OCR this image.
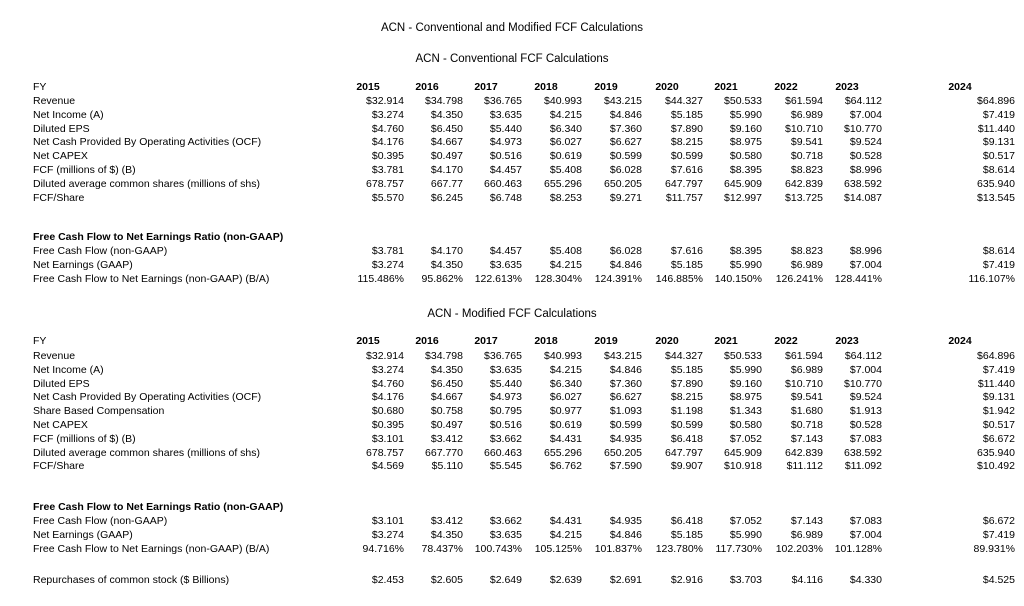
ACN - Conventional and Modified FCF Calculations
ACN - Conventional FCF Calculations
ACN - Modified FCF Calculations
FY	2015	2016	2017	2018	2019	2020	2021	2022	2023	2024
Revenue	$32.914	$34.798	$36.765	$40.993	$43.215	$44.327	$50.533	$61.594	$64.112	$64.896
Net Income (A)	$3.274	$4.350	$3.635	$4.215	$4.846	$5.185	$5.990	$6.989	$7.004	$7.419
Diluted EPS	$4.760	$6.450	$5.440	$6.340	$7.360	$7.890	$9.160	$10.710	$10.770	$11.440
Net Cash Provided By Operating Activities (OCF)	$4.176	$4.667	$4.973	$6.027	$6.627	$8.215	$8.975	$9.541	$9.524	$9.131
Net CAPEX	$0.395	$0.497	$0.516	$0.619	$0.599	$0.599	$0.580	$0.718	$0.528	$0.517
FCF (millions of $) (B)	$3.781	$4.170	$4.457	$5.408	$6.028	$7.616	$8.395	$8.823	$8.996	$8.614
Diluted average common shares (millions of shs)	678.757	667.77	660.463	655.296	650.205	647.797	645.909	642.839	638.592	635.940
FCF/Share	$5.570	$6.245	$6.748	$8.253	$9.271	$11.757	$12.997	$13.725	$14.087	$13.545
Free Cash Flow to Net Earnings Ratio (non-GAAP)
Free Cash Flow (non-GAAP)	$3.781	$4.170	$4.457	$5.408	$6.028	$7.616	$8.395	$8.823	$8.996	$8.614
Net Earnings (GAAP)	$3.274	$4.350	$3.635	$4.215	$4.846	$5.185	$5.990	$6.989	$7.004	$7.419
Free Cash Flow to Net Earnings (non-GAAP) (B/A)	115.486%	95.862%	122.613%	128.304%	124.391%	146.885%	140.150%	126.241%	128.441%	116.107%
FY	2015	2016	2017	2018	2019	2020	2021	2022	2023	2024
Revenue	$32.914	$34.798	$36.765	$40.993	$43.215	$44.327	$50.533	$61.594	$64.112	$64.896
Net Income (A)	$3.274	$4.350	$3.635	$4.215	$4.846	$5.185	$5.990	$6.989	$7.004	$7.419
Diluted EPS	$4.760	$6.450	$5.440	$6.340	$7.360	$7.890	$9.160	$10.710	$10.770	$11.440
Net Cash Provided By Operating Activities (OCF)	$4.176	$4.667	$4.973	$6.027	$6.627	$8.215	$8.975	$9.541	$9.524	$9.131
Share Based Compensation	$0.680	$0.758	$0.795	$0.977	$1.093	$1.198	$1.343	$1.680	$1.913	$1.942
Net CAPEX	$0.395	$0.497	$0.516	$0.619	$0.599	$0.599	$0.580	$0.718	$0.528	$0.517
FCF (millions of $) (B)	$3.101	$3.412	$3.662	$4.431	$4.935	$6.418	$7.052	$7.143	$7.083	$6.672
Diluted average common shares (millions of shs)	678.757	667.770	660.463	655.296	650.205	647.797	645.909	642.839	638.592	635.940
FCF/Share	$4.569	$5.110	$5.545	$6.762	$7.590	$9.907	$10.918	$11.112	$11.092	$10.492
Free Cash Flow to Net Earnings Ratio (non-GAAP)
Free Cash Flow (non-GAAP)	$3.101	$3.412	$3.662	$4.431	$4.935	$6.418	$7.052	$7.143	$7.083	$6.672
Net Earnings (GAAP)	$3.274	$4.350	$3.635	$4.215	$4.846	$5.185	$5.990	$6.989	$7.004	$7.419
Free Cash Flow to Net Earnings (non-GAAP) (B/A)	94.716%	78.437%	100.743%	105.125%	101.837%	123.780%	117.730%	102.203%	101.128%	89.931%
Repurchases of common stock ($ Billions)	$2.453	$2.605	$2.649	$2.639	$2.691	$2.916	$3.703	$4.116	$4.330	$4.525
